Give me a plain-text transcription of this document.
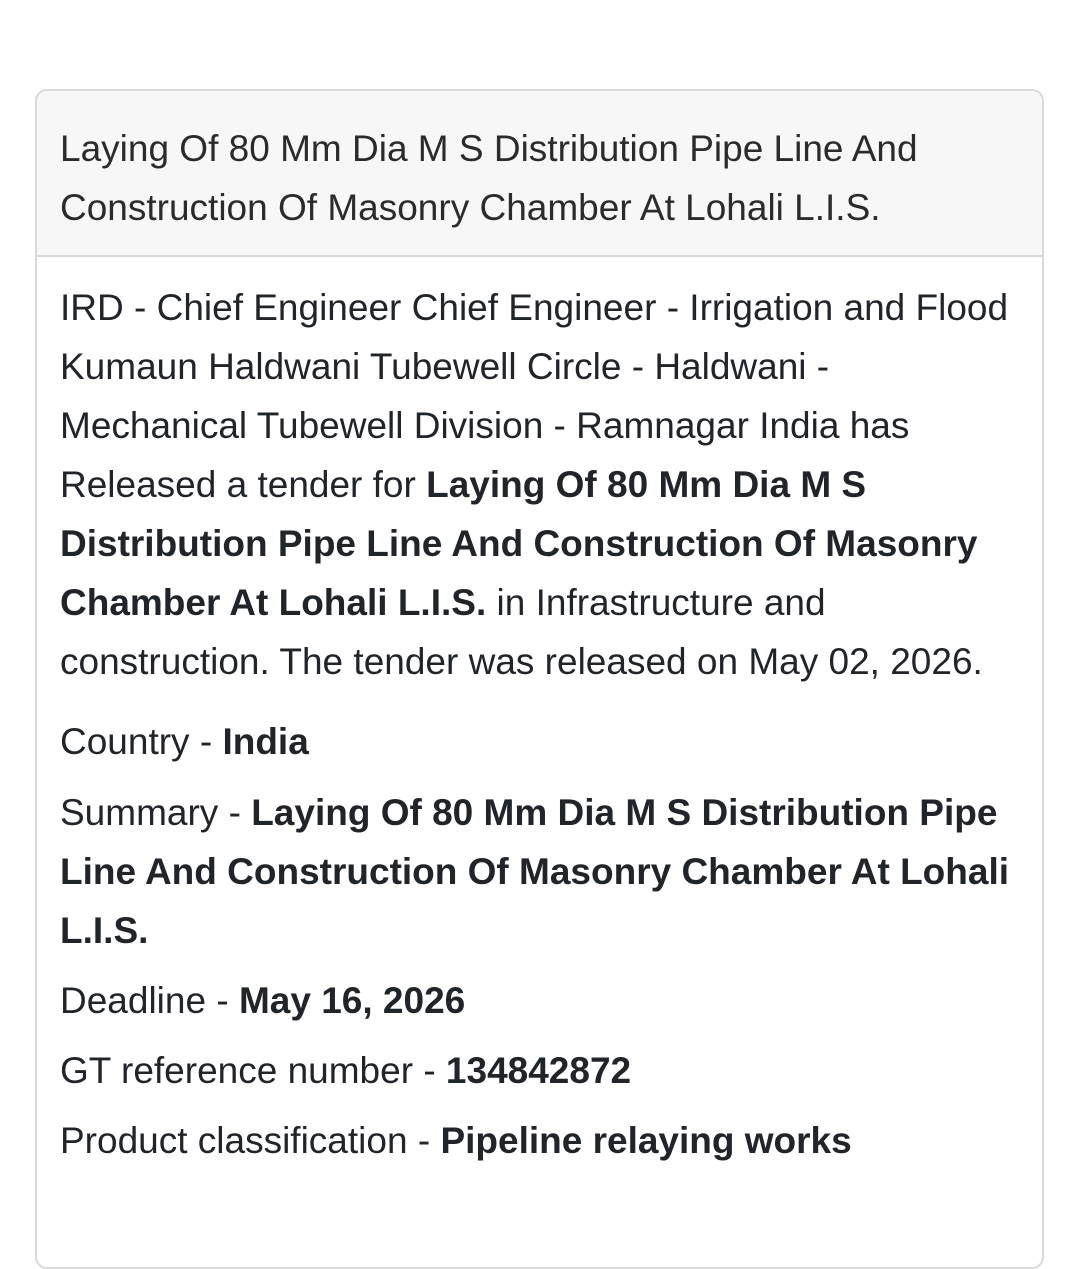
Laying Of 80 Mm Dia M S Distribution Pipe Line And Construction Of Masonry Chamber At Lohali L.I.S.

IRD - Chief Engineer Chief Engineer - Irrigation and Flood Kumaun Haldwani Tubewell Circle - Haldwani - Mechanical Tubewell Division - Ramnagar India has Released a tender for Laying Of 80 Mm Dia M S Distribution Pipe Line And Construction Of Masonry Chamber At Lohali L.I.S. in Infrastructure and construction. The tender was released on May 02, 2026.

Country - India

Summary - Laying Of 80 Mm Dia M S Distribution Pipe Line And Construction Of Masonry Chamber At Lohali L.I.S.

Deadline - May 16, 2026

GT reference number - 134842872

Product classification - Pipeline relaying works
